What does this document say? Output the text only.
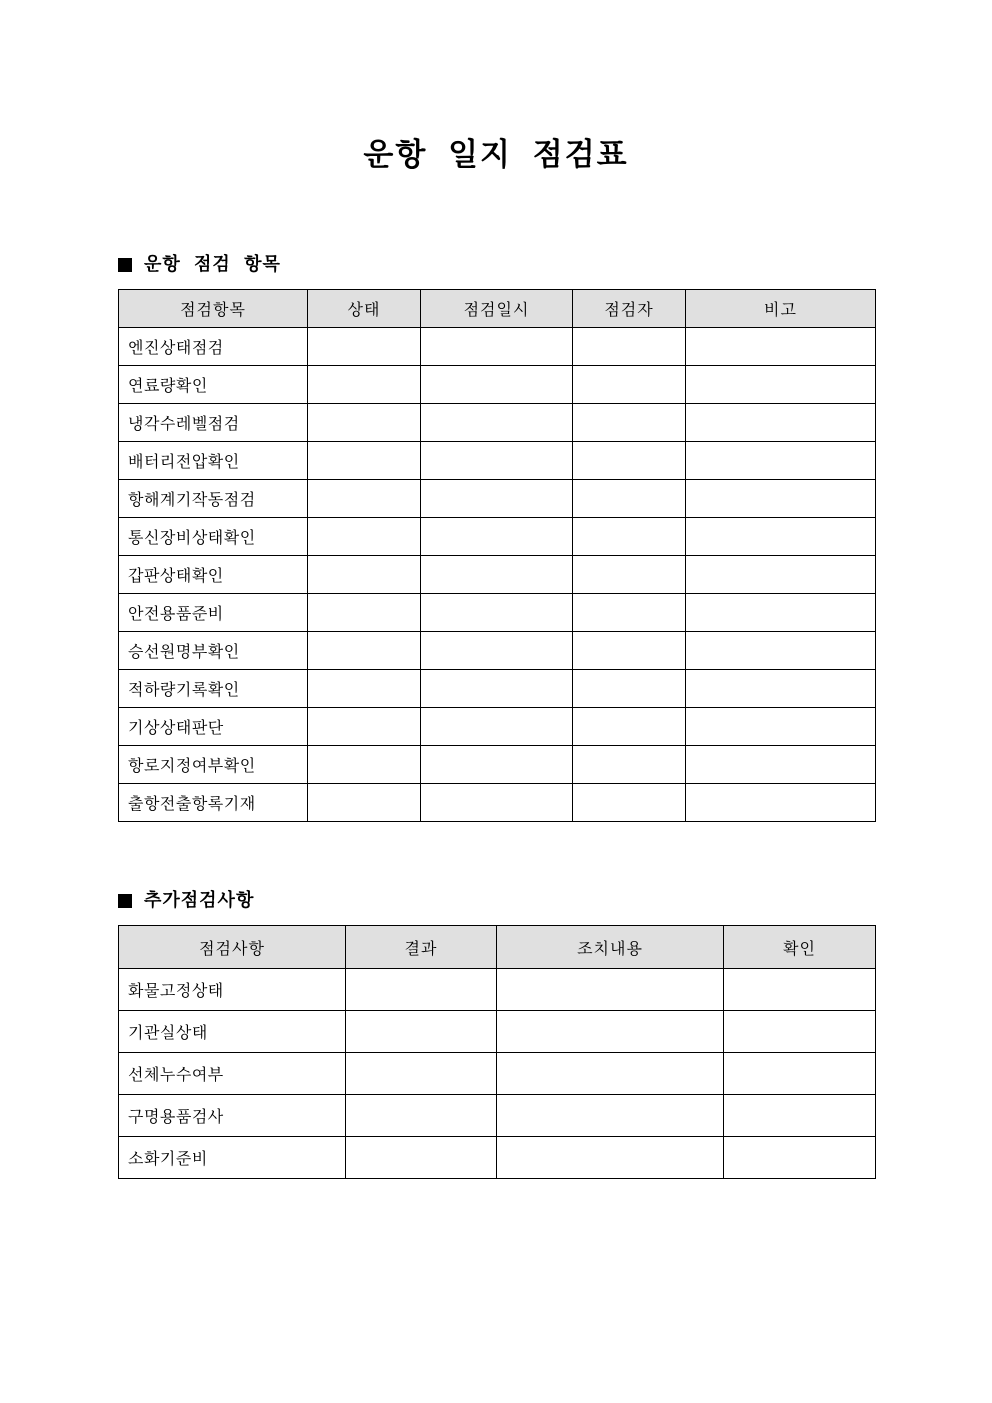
운항 일지 점검표
운항 점검 항목
점검항목	상태	점검일시	점검자	비고
엔진상태점검				
연료량확인				
냉각수레벨점검				
배터리전압확인				
항해계기작동점검				
통신장비상태확인				
갑판상태확인				
안전용품준비				
승선원명부확인				
적하량기록확인				
기상상태판단				
항로지정여부확인				
출항전출항록기재				
추가점검사항
점검사항	결과	조치내용	확인
화물고정상태			
기관실상태			
선체누수여부			
구명용품검사			
소화기준비			
